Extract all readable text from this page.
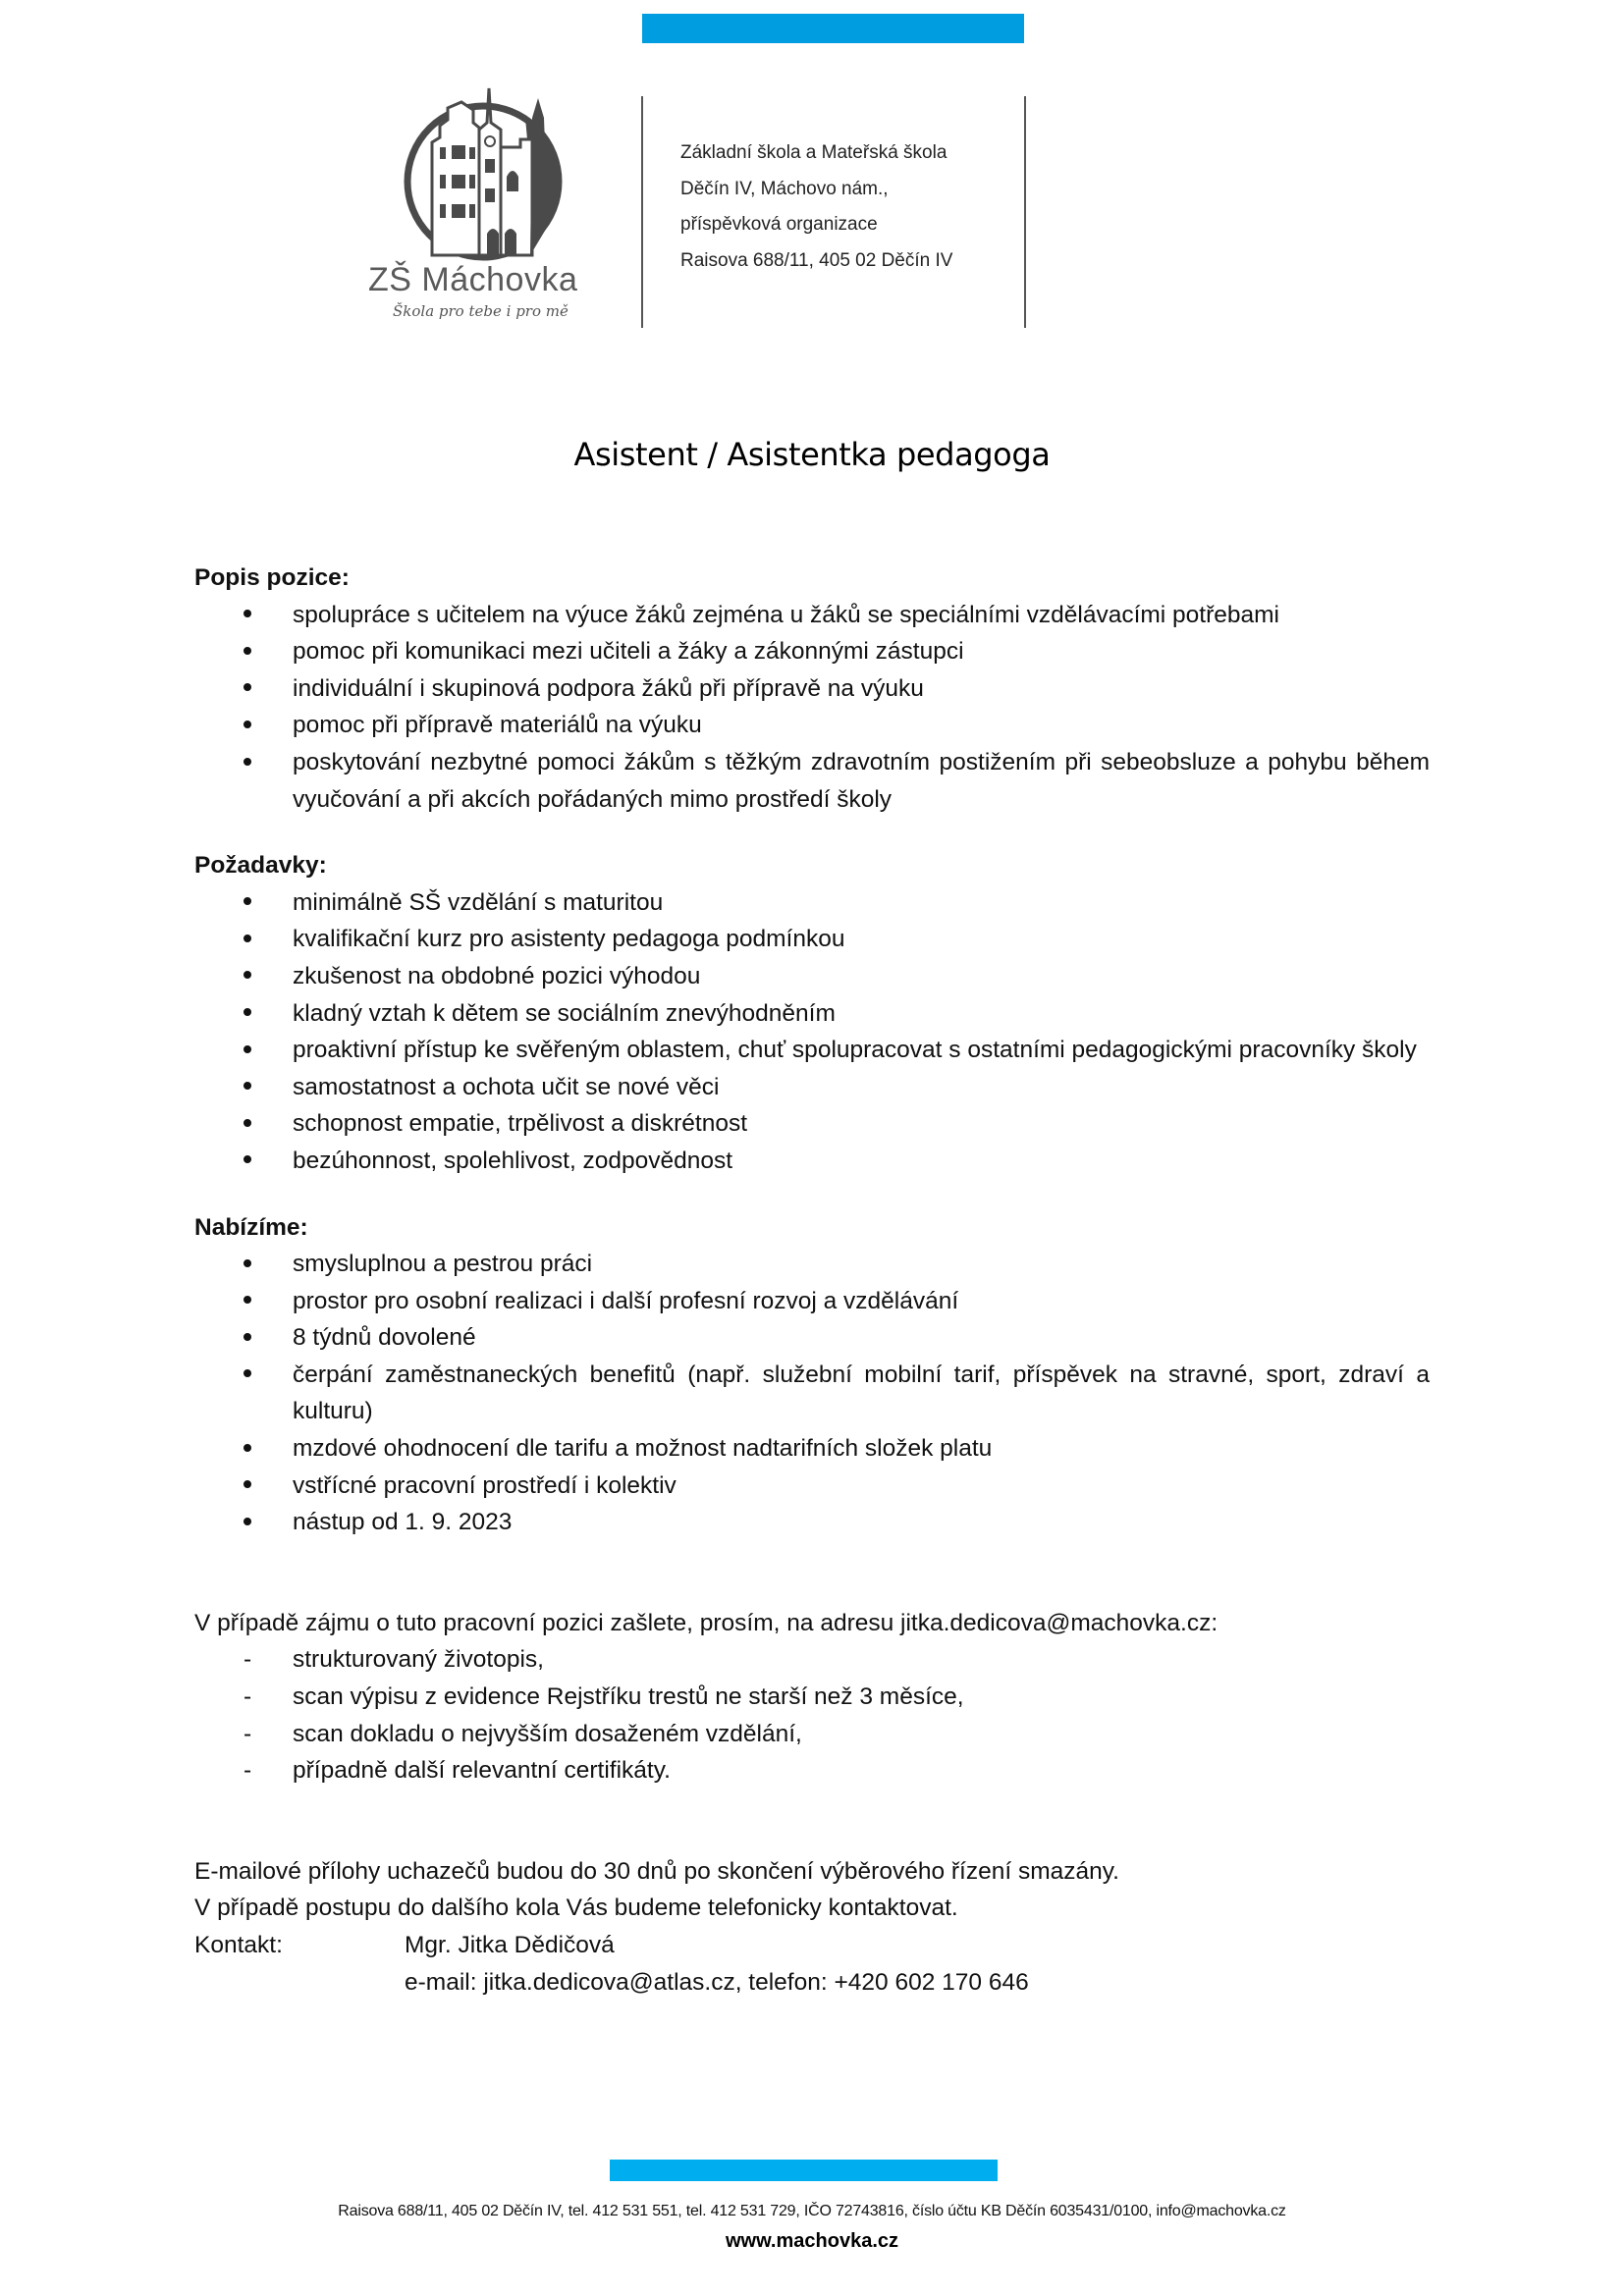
ZŠ Máchovka
Škola pro tebe i pro mě
Základní škola a Mateřská škola
Děčín IV, Máchovo nám.,
příspěvková organizace
Raisova 688/11, 405 02 Děčín IV
Asistent / Asistentka pedagoga
Popis pozice:
spolupráce s učitelem na výuce žáků zejména u žáků se speciálními vzdělávacími potřebami
pomoc při komunikaci mezi učiteli a žáky a zákonnými zástupci
individuální i skupinová podpora žáků při přípravě na výuku
pomoc při přípravě materiálů na výuku
poskytování nezbytné pomoci žákům s těžkým zdravotním postižením při sebeobsluze a pohybu během vyučování a při akcích pořádaných mimo prostředí školy
Požadavky:
minimálně SŠ vzdělání s maturitou
kvalifikační kurz pro asistenty pedagoga podmínkou
zkušenost na obdobné pozici výhodou
kladný vztah k dětem se sociálním znevýhodněním
proaktivní přístup ke svěřeným oblastem, chuť spolupracovat s ostatními pedagogickými pracovníky školy
samostatnost a ochota učit se nové věci
schopnost empatie, trpělivost a diskrétnost
bezúhonnost, spolehlivost, zodpovědnost
Nabízíme:
smysluplnou a pestrou práci
prostor pro osobní realizaci i další profesní rozvoj a vzdělávání
8 týdnů dovolené
čerpání zaměstnaneckých benefitů (např. služební mobilní tarif, příspěvek na stravné, sport, zdraví a kulturu)
mzdové ohodnocení dle tarifu a možnost nadtarifních složek platu
vstřícné pracovní prostředí i kolektiv
nástup od 1. 9. 2023
V případě zájmu o tuto pracovní pozici zašlete, prosím, na adresu jitka.dedicova@machovka.cz:
-	strukturovaný životopis,
-	scan výpisu z evidence Rejstříku trestů ne starší než 3 měsíce,
-	scan dokladu o nejvyšším dosaženém vzdělání,
-	případně další relevantní certifikáty.
E-mailové přílohy uchazečů budou do 30 dnů po skončení výběrového řízení smazány.
V případě postupu do dalšího kola Vás budeme telefonicky kontaktovat.
Kontakt:	Mgr. Jitka Dědičová
e-mail: jitka.dedicova@atlas.cz, telefon: +420 602 170 646
Raisova 688/11, 405 02 Děčín IV, tel. 412 531 551, tel. 412 531 729, IČO 72743816, číslo účtu KB Děčín 6035431/0100, info@machovka.cz
www.machovka.cz
